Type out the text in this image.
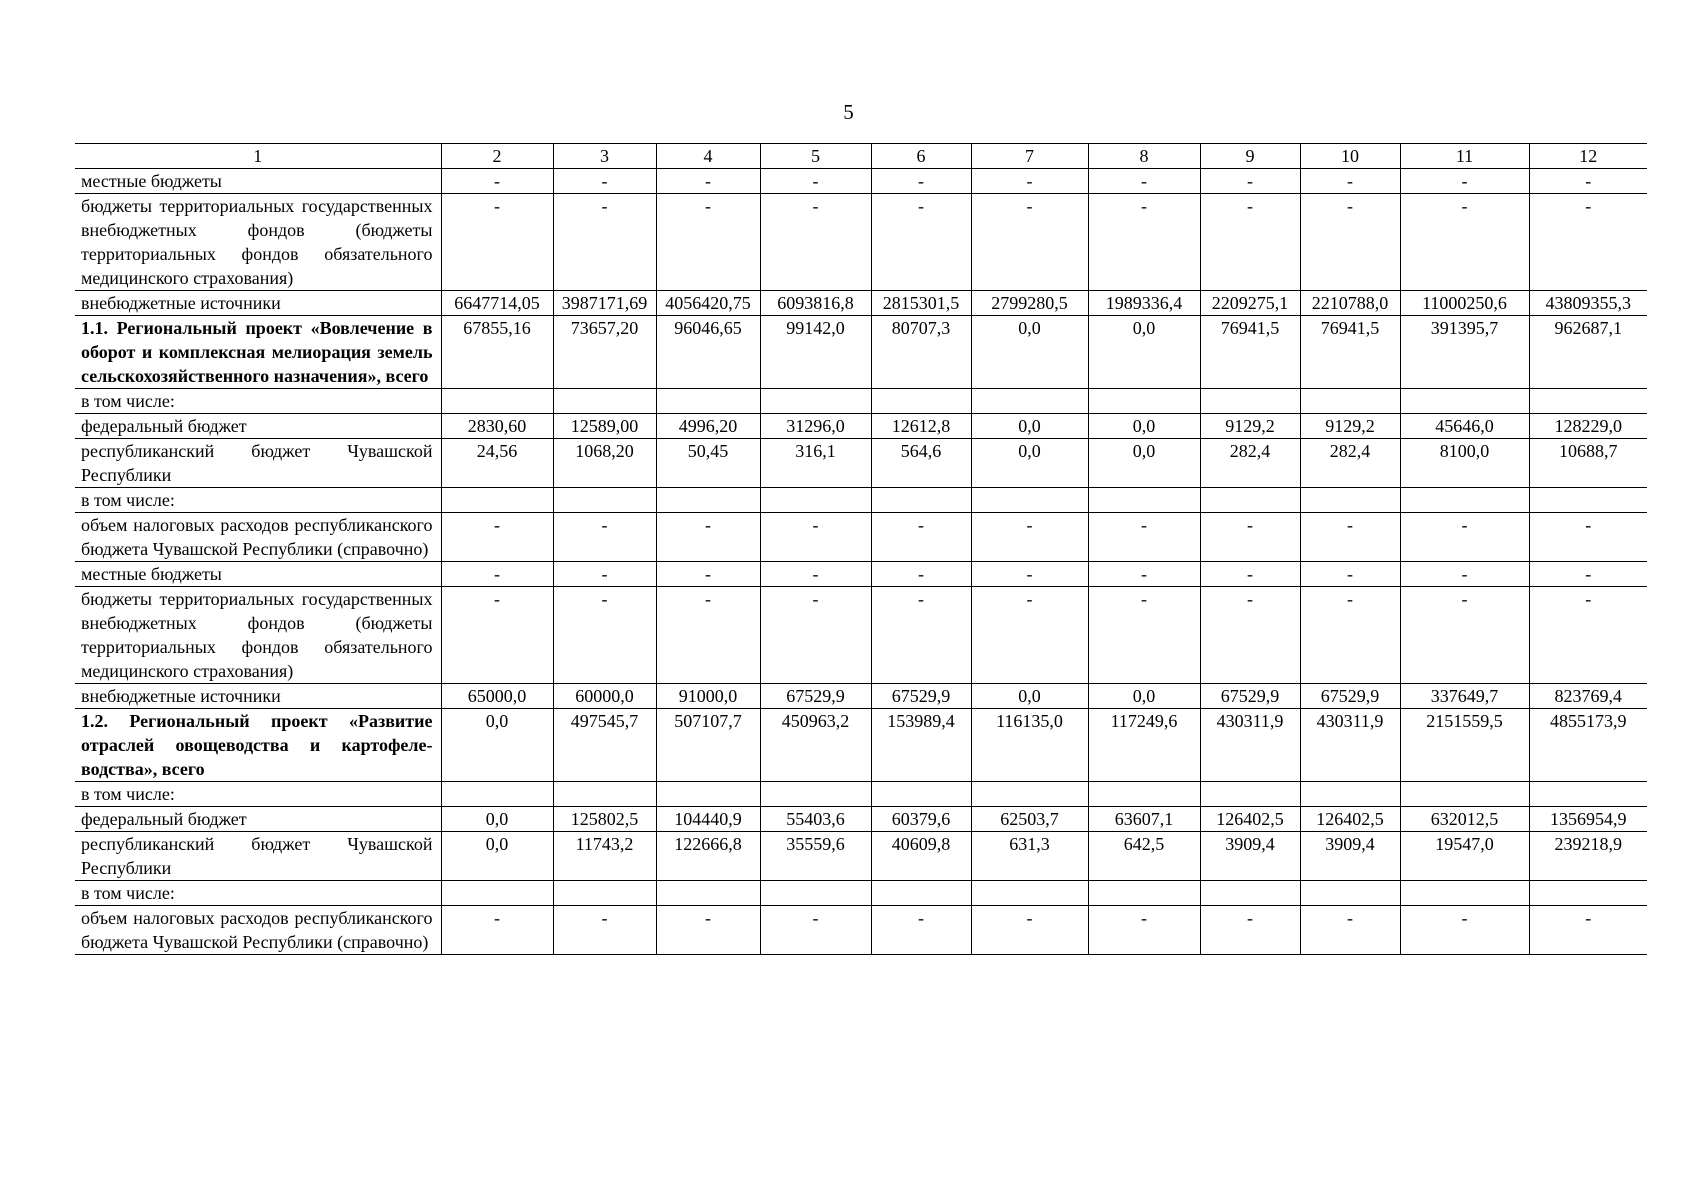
5
1	2	3	4	5	6	7	8	9	10	11	12
местные бюджеты	-	-	-	-	-	-	-	-	-	-	-
бюджеты территориальных государственных внебюджетных фондов (бюджеты территориальных фондов обязательного медицинского страхования)	-	-	-	-	-	-	-	-	-	-	-
внебюджетные источники	6647714,05	3987171,69	4056420,75	6093816,8	2815301,5	2799280,5	1989336,4	2209275,1	2210788,0	11000250,6	43809355,3
1.1. Региональный проект «Вовлечение в оборот и комплексная мелиорация земель сельскохозяйственного назначения», всего	67855,16	73657,20	96046,65	99142,0	80707,3	0,0	0,0	76941,5	76941,5	391395,7	962687,1
в том числе:											
федеральный бюджет	2830,60	12589,00	4996,20	31296,0	12612,8	0,0	0,0	9129,2	9129,2	45646,0	128229,0
республиканский бюджет Чувашской Республики	24,56	1068,20	50,45	316,1	564,6	0,0	0,0	282,4	282,4	8100,0	10688,7
в том числе:											
объем налоговых расходов республиканского бюджета Чувашской Республики (справочно)	-	-	-	-	-	-	-	-	-	-	-
местные бюджеты	-	-	-	-	-	-	-	-	-	-	-
бюджеты территориальных государственных внебюджетных фондов (бюджеты территориальных фондов обязательного медицинского страхования)	-	-	-	-	-	-	-	-	-	-	-
внебюджетные источники	65000,0	60000,0	91000,0	67529,9	67529,9	0,0	0,0	67529,9	67529,9	337649,7	823769,4
1.2. Региональный проект «Развитие отраслей овощеводства и картофелеводства», всего	0,0	497545,7	507107,7	450963,2	153989,4	116135,0	117249,6	430311,9	430311,9	2151559,5	4855173,9
в том числе:											
федеральный бюджет	0,0	125802,5	104440,9	55403,6	60379,6	62503,7	63607,1	126402,5	126402,5	632012,5	1356954,9
республиканский бюджет Чувашской Республики	0,0	11743,2	122666,8	35559,6	40609,8	631,3	642,5	3909,4	3909,4	19547,0	239218,9
в том числе:											
объем налоговых расходов республиканского бюджета Чувашской Республики (справочно)	-	-	-	-	-	-	-	-	-	-	-
